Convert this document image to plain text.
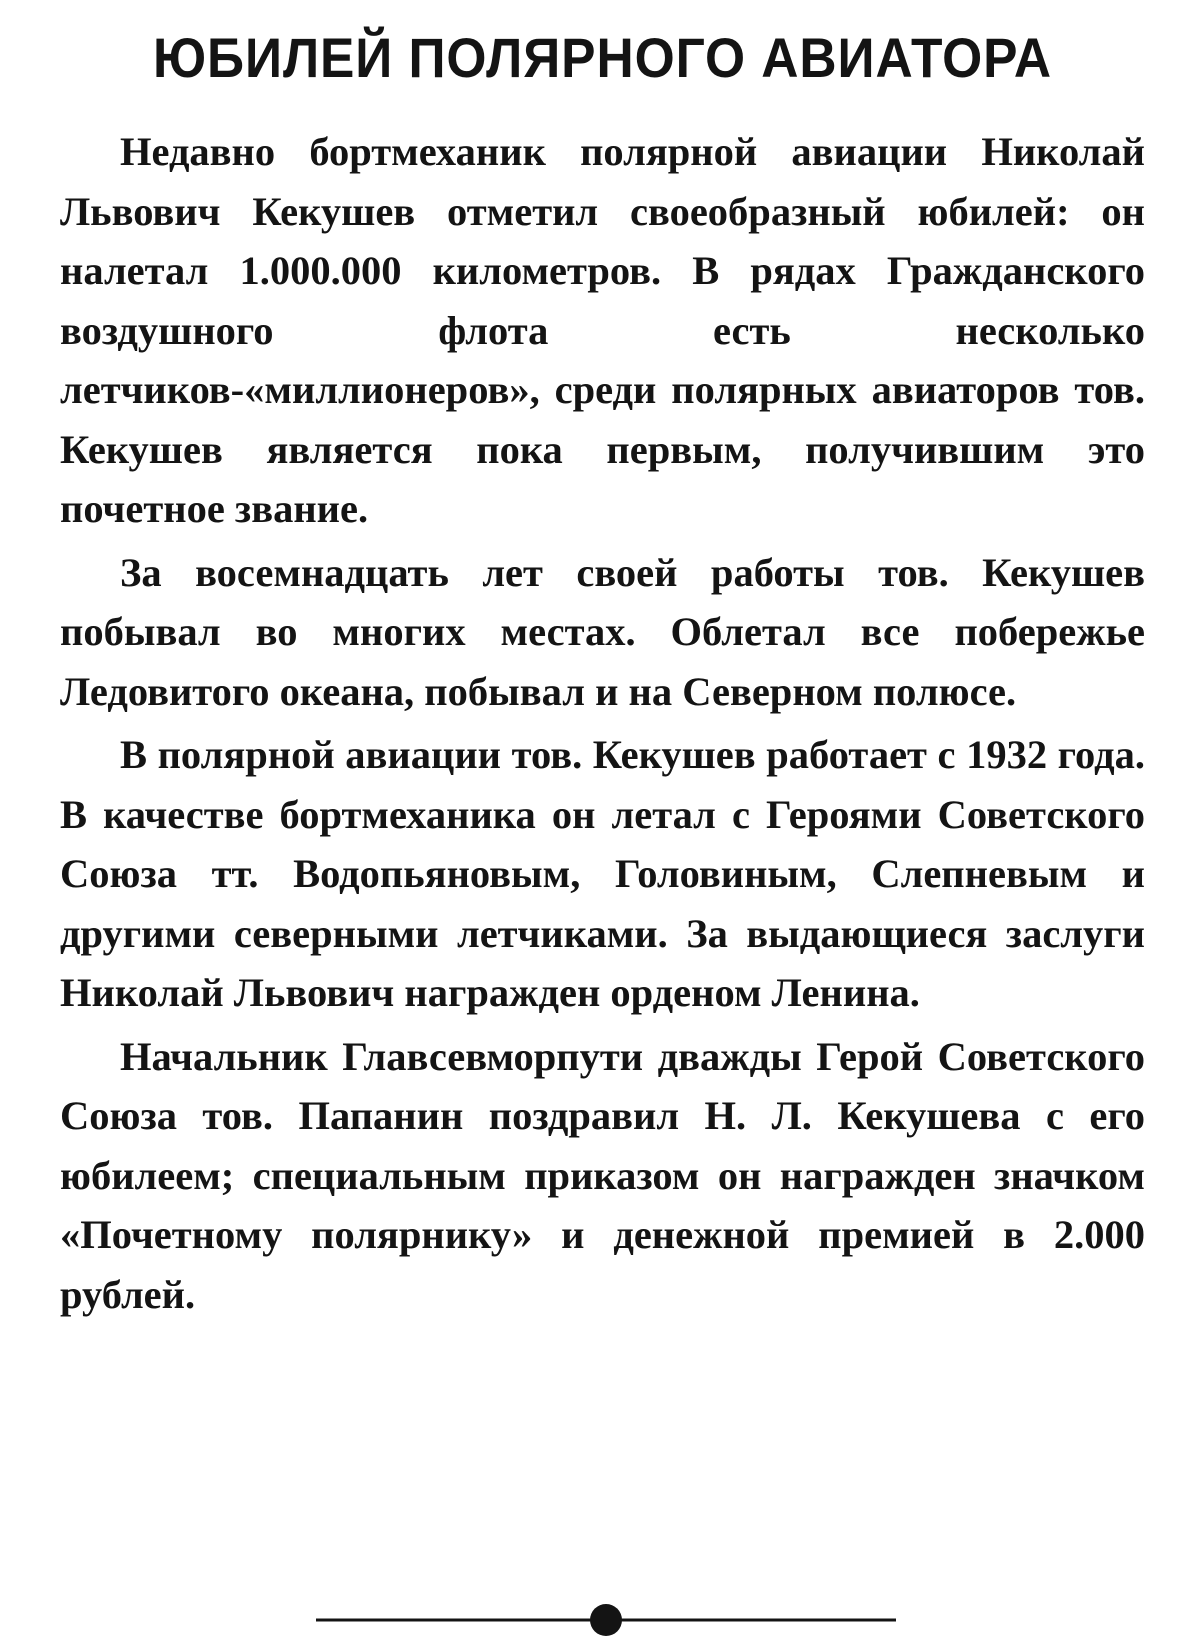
ЮБИЛЕЙ ПОЛЯРНОГО АВИАТОРА

Недавно бортмеханик полярной авиации Николай Львович Кекушев отметил своеобразный юбилей: он налетал 1.000.000 километров. В рядах Гражданского воздушного флота есть несколько летчиков-«миллионеров», среди полярных авиаторов тов. Кекушев является пока первым, получившим это почетное звание.

За восемнадцать лет своей работы тов. Кекушев побывал во многих местах. Облетал все побережье Ледовитого океана, побывал и на Северном полюсе.

В полярной авиации тов. Кекушев работает с 1932 года. В качестве бортмеханика он летал с Героями Советского Союза тт. Водопьяновым, Головиным, Слепневым и другими северными летчиками. За выдающиеся заслуги Николай Львович награжден орденом Ленина.

Начальник Главсевморпути дважды Герой Советского Союза тов. Папанин поздравил Н. Л. Кекушева с его юбилеем; специальным приказом он награжден значком «Почетному полярнику» и денежной премией в 2.000 рублей.
